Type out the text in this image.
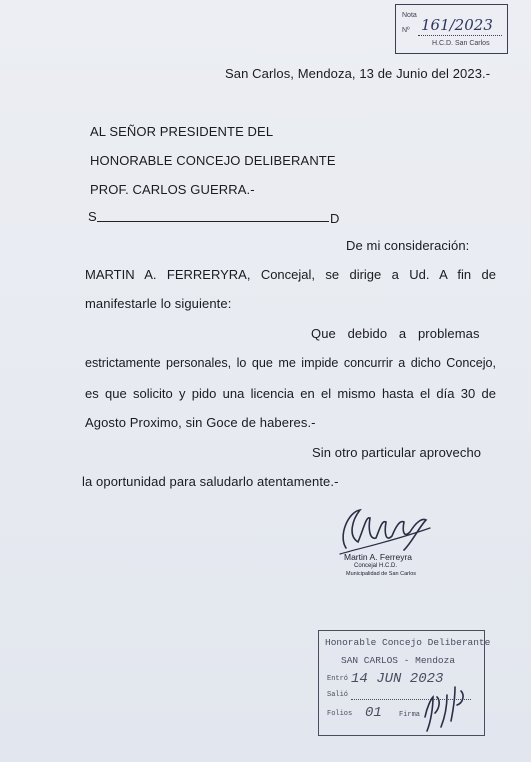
Nota
Nº 161/2023
H.C.D. San Carlos
San Carlos, Mendoza, 13 de Junio del 2023.-
AL SEÑOR PRESIDENTE DEL
HONORABLE CONCEJO DELIBERANTE
PROF. CARLOS GUERRA.-
S	D
De mi consideración:
MARTIN A. FERRERYRA, Concejal, se dirige a Ud. A fin de
manifestarle lo siguiente:
Que debido a problemas
estrictamente personales, lo que me impide concurrir a dicho Concejo,
es que solicito y pido una licencia en el mismo hasta el día 30 de
Agosto Proximo, sin Goce de haberes.-
Sin otro particular aprovecho
la oportunidad para saludarlo atentamente.-
Martin A. Ferreyra
Concejal H.C.D.
Municipalidad de San Carlos
Honorable Concejo Deliberante
SAN CARLOS - Mendoza
Entró 14 JUN 2023
Salió
Folios 01 Firma
